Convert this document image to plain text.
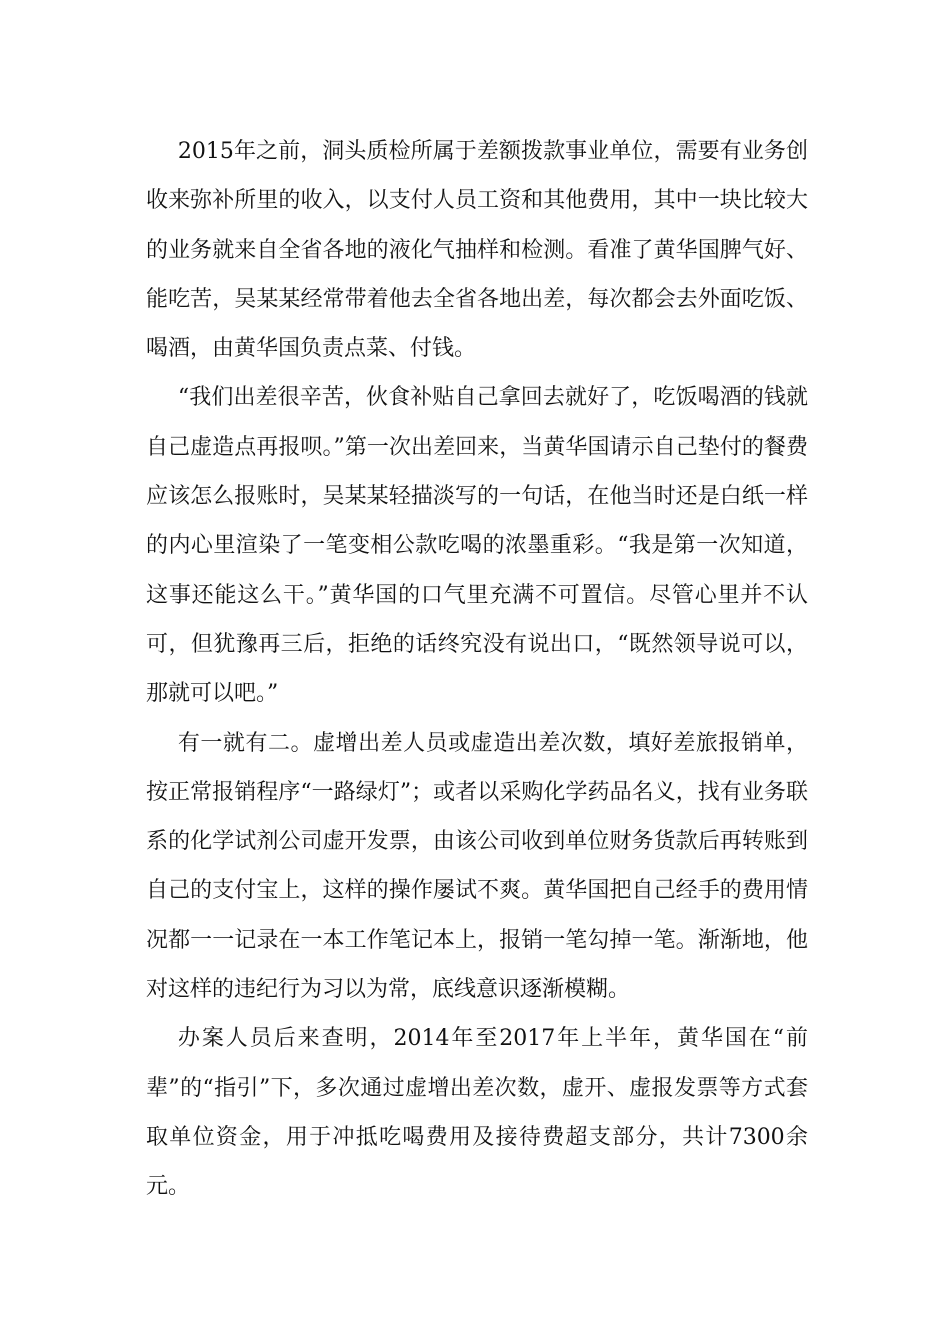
2015年之前，洞头质检所属于差额拨款事业单位，需要有业务创收来弥补所里的收入，以支付人员工资和其他费用，其中一块比较大的业务就来自全省各地的液化气抽样和检测。看准了黄华国脾气好、能吃苦，吴某某经常带着他去全省各地出差，每次都会去外面吃饭、喝酒，由黄华国负责点菜、付钱。

“我们出差很辛苦，伙食补贴自己拿回去就好了，吃饭喝酒的钱就自己虚造点再报呗。”第一次出差回来，当黄华国请示自己垫付的餐费应该怎么报账时，吴某某轻描淡写的一句话，在他当时还是白纸一样的内心里渲染了一笔变相公款吃喝的浓墨重彩。“我是第一次知道，这事还能这么干。”黄华国的口气里充满不可置信。尽管心里并不认可，但犹豫再三后，拒绝的话终究没有说出口，“既然领导说可以，那就可以吧。”

有一就有二。虚增出差人员或虚造出差次数，填好差旅报销单，按正常报销程序“一路绿灯”；或者以采购化学药品名义，找有业务联系的化学试剂公司虚开发票，由该公司收到单位财务货款后再转账到自己的支付宝上，这样的操作屡试不爽。黄华国把自己经手的费用情况都一一记录在一本工作笔记本上，报销一笔勾掉一笔。渐渐地，他对这样的违纪行为习以为常，底线意识逐渐模糊。

办案人员后来查明，2014年至2017年上半年，黄华国在“前辈”的“指引”下，多次通过虚增出差次数，虚开、虚报发票等方式套取单位资金，用于冲抵吃喝费用及接待费超支部分，共计7300余元。
